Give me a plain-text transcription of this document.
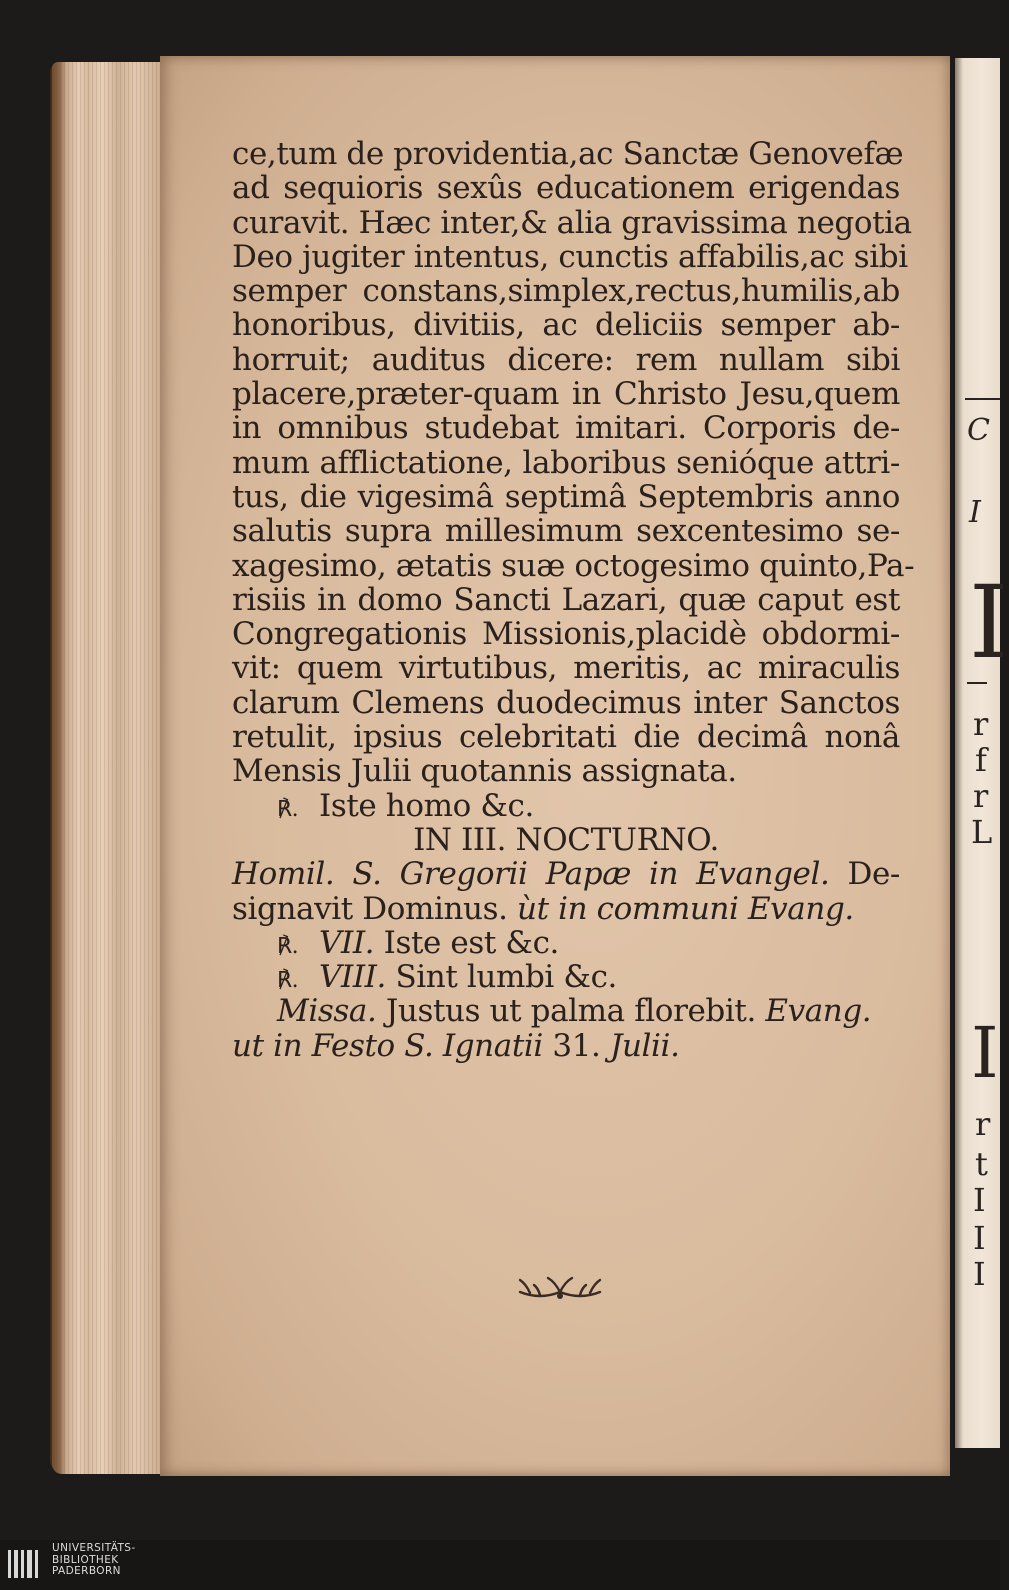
C
I
I
r
f
r
L
I
r
t
I
I
I
ce,tum de providentia,ac Sanctæ Genovefæ
ad sequioris sexûs educationem erigendas
curavit. Hæc inter,& alia gravissima negotia
Deo jugiter intentus, cunctis affabilis,ac sibi
semper constans,simplex,rectus,humilis,ab
honoribus, divitiis, ac deliciis semper ab-
horruit; auditus dicere: rem nullam sibi
placere,præter-quam in Christo Jesu,quem
in omnibus studebat imitari. Corporis de-
mum afflictatione, laboribus senióque attri-
tus, die vigesimâ septimâ Septembris anno
salutis supra millesimum sexcentesimo se-
xagesimo, ætatis suæ octogesimo quinto,Pa-
risiis in domo Sancti Lazari, quæ caput est
Congregationis Missionis,placidè obdormi-
vit: quem virtutibus, meritis, ac miraculis
clarum Clemens duodecimus inter Sanctos
retulit, ipsius celebritati die decimâ nonâ
Mensis Julii quotannis assignata.
℟. Iste homo &c.
IN III. NOCTURNO.
Homil. S. Gregorii Papæ in Evangel. De-
signavit Dominus. ùt in communi Evang.
℟. VII. Iste est &c.
℟. VIII. Sint lumbi &c.
Missa. Justus ut palma florebit. Evang.
ut in Festo S. Ignatii 31. Julii.
UNIVERSITÄTS-
BIBLIOTHEK
PADERBORN
